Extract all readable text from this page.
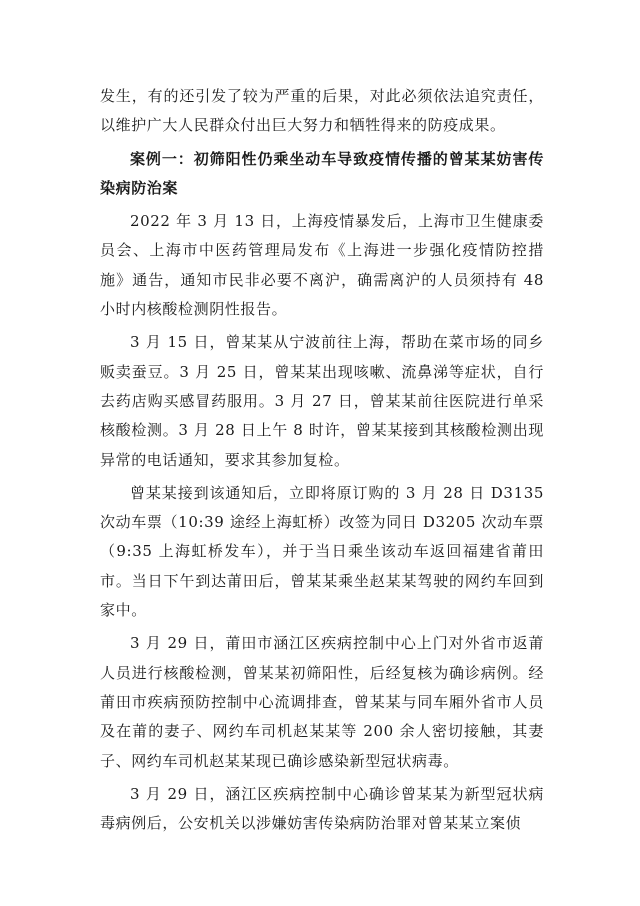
发生，有的还引发了较为严重的后果，对此必须依法追究责任，以维护广大人民群众付出巨大努力和牺牲得来的防疫成果。

案例一：初筛阳性仍乘坐动车导致疫情传播的曾某某妨害传染病防治案

2022 年 3 月 13 日，上海疫情暴发后，上海市卫生健康委员会、上海市中医药管理局发布《上海进一步强化疫情防控措施》通告，通知市民非必要不离沪，确需离沪的人员须持有 48 小时内核酸检测阴性报告。

3 月 15 日，曾某某从宁波前往上海，帮助在菜市场的同乡贩卖蚕豆。3 月 25 日，曾某某出现咳嗽、流鼻涕等症状，自行去药店购买感冒药服用。3 月 27 日，曾某某前往医院进行单采核酸检测。3 月 28 日上午 8 时许，曾某某接到其核酸检测出现异常的电话通知，要求其参加复检。

曾某某接到该通知后，立即将原订购的 3 月 28 日 D3135 次动车票（10:39 途经上海虹桥）改签为同日 D3205 次动车票（9:35 上海虹桥发车），并于当日乘坐该动车返回福建省莆田市。当日下午到达莆田后，曾某某乘坐赵某某驾驶的网约车回到家中。

3 月 29 日，莆田市涵江区疾病控制中心上门对外省市返莆人员进行核酸检测，曾某某初筛阳性，后经复核为确诊病例。经莆田市疾病预防控制中心流调排查，曾某某与同车厢外省市人员及在莆的妻子、网约车司机赵某某等 200 余人密切接触，其妻子、网约车司机赵某某现已确诊感染新型冠状病毒。

3 月 29 日，涵江区疾病控制中心确诊曾某某为新型冠状病毒病例后，公安机关以涉嫌妨害传染病防治罪对曾某某立案侦
